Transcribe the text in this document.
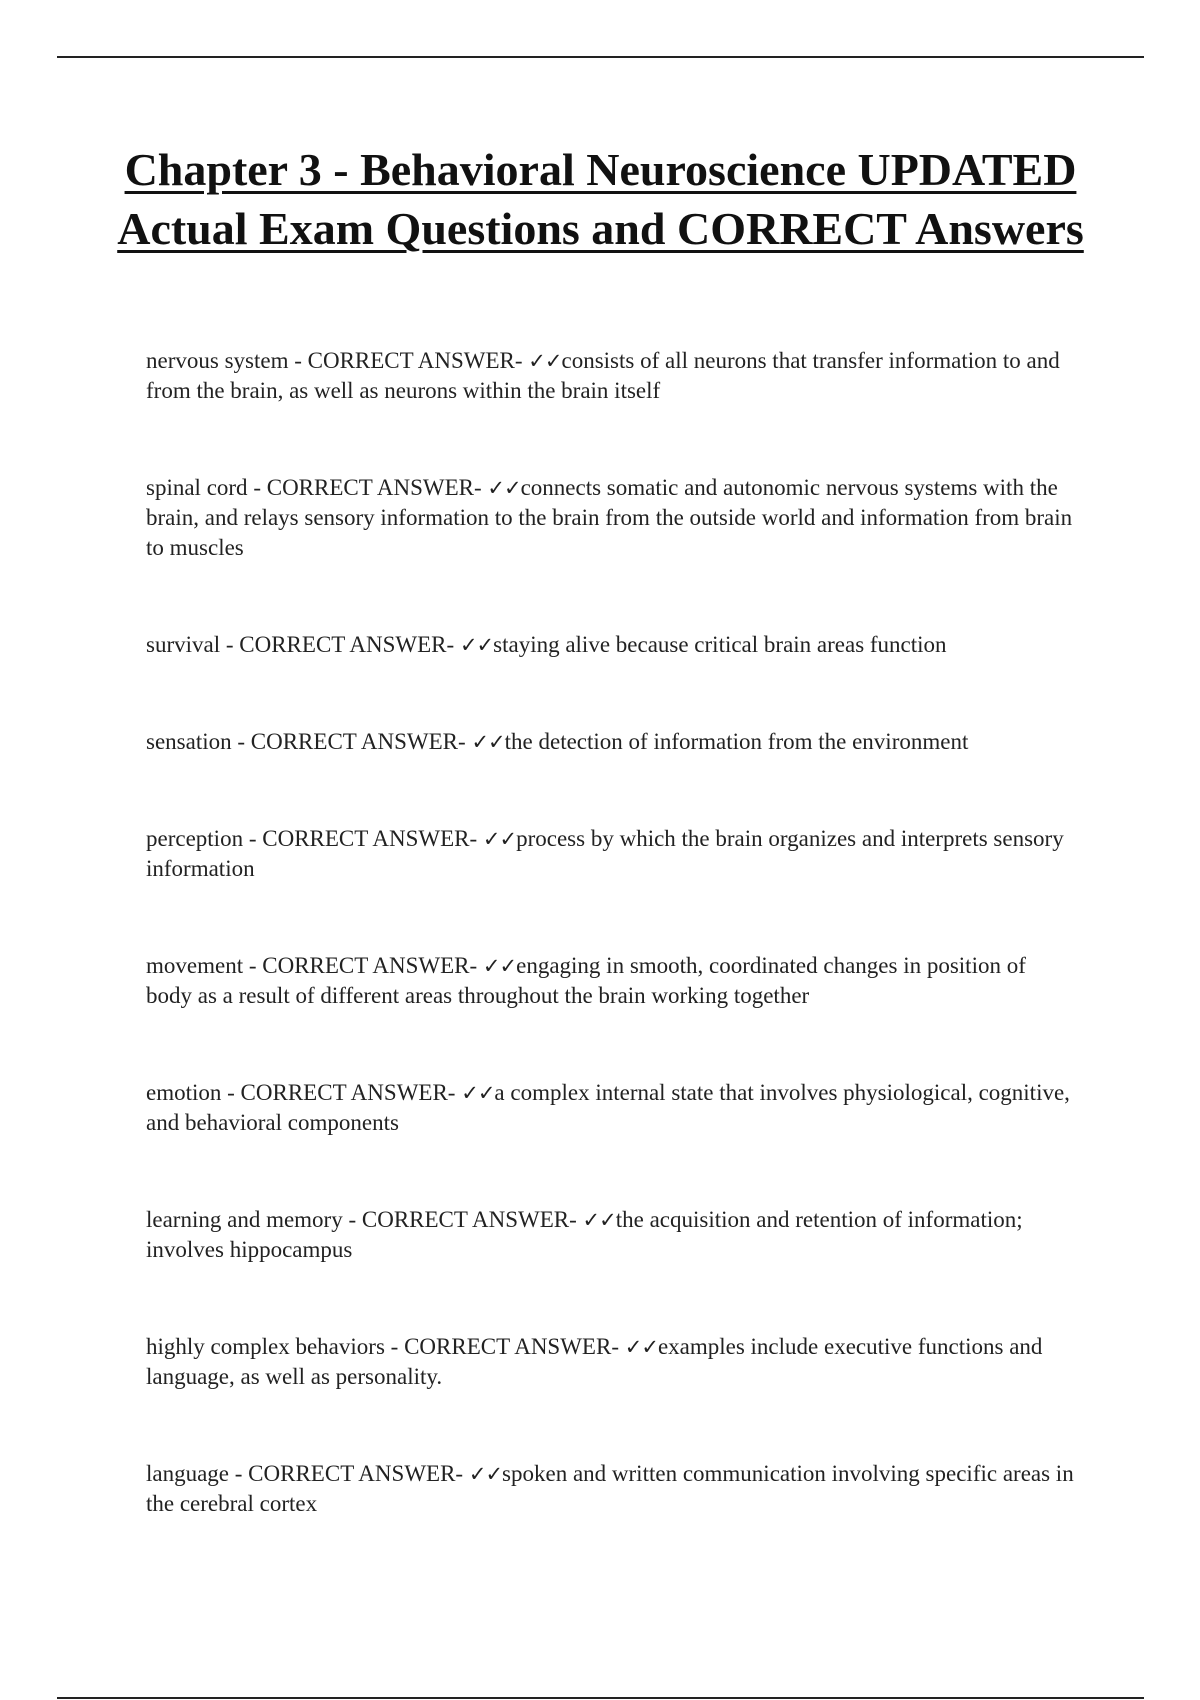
Chapter 3 - Behavioral Neuroscience UPDATED Actual Exam Questions and CORRECT Answers

nervous system - CORRECT ANSWER- ✓✓consists of all neurons that transfer information to and from the brain, as well as neurons within the brain itself

spinal cord - CORRECT ANSWER- ✓✓connects somatic and autonomic nervous systems with the brain, and relays sensory information to the brain from the outside world and information from brain to muscles

survival - CORRECT ANSWER- ✓✓staying alive because critical brain areas function

sensation - CORRECT ANSWER- ✓✓the detection of information from the environment

perception - CORRECT ANSWER- ✓✓process by which the brain organizes and interprets sensory information

movement - CORRECT ANSWER- ✓✓engaging in smooth, coordinated changes in position of body as a result of different areas throughout the brain working together

emotion - CORRECT ANSWER- ✓✓a complex internal state that involves physiological, cognitive, and behavioral components

learning and memory - CORRECT ANSWER- ✓✓the acquisition and retention of information; involves hippocampus

highly complex behaviors - CORRECT ANSWER- ✓✓examples include executive functions and language, as well as personality.

language - CORRECT ANSWER- ✓✓spoken and written communication involving specific areas in the cerebral cortex
